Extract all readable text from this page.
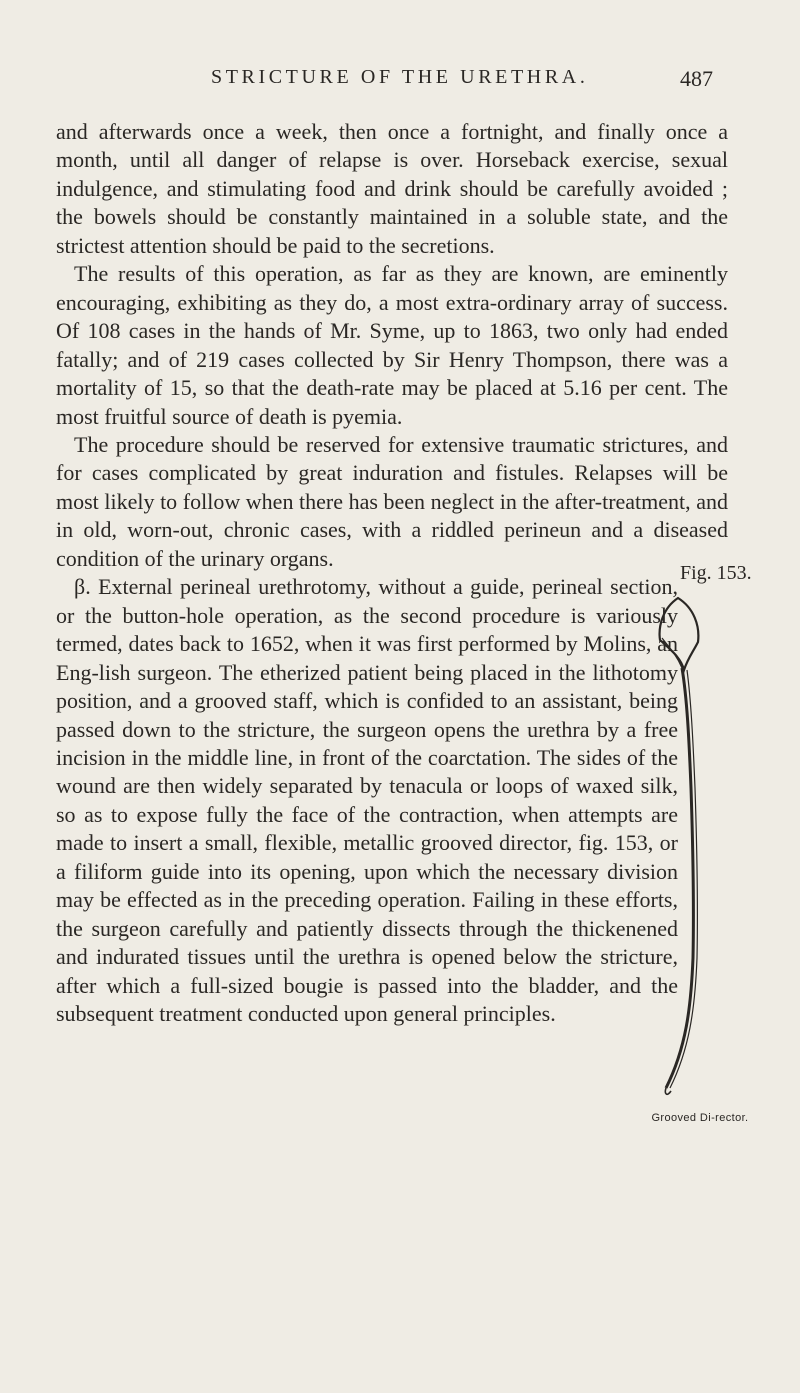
STRICTURE OF THE URETHRA.	487

and afterwards once a week, then once a fortnight, and finally once a month, until all danger of relapse is over. Horseback exercise, sexual indulgence, and stimulating food and drink should be carefully avoided ; the bowels should be constantly maintained in a soluble state, and the strictest attention should be paid to the secretions.

The results of this operation, as far as they are known, are eminently encouraging, exhibiting as they do, a most extra-ordinary array of success. Of 108 cases in the hands of Mr. Syme, up to 1863, two only had ended fatally; and of 219 cases collected by Sir Henry Thompson, there was a mortality of 15, so that the death-rate may be placed at 5.16 per cent. The most fruitful source of death is pyemia.

The procedure should be reserved for extensive traumatic strictures, and for cases complicated by great induration and fistules. Relapses will be most likely to follow when there has been neglect in the after-treatment, and in old, worn-out, chronic cases, with a riddled perineun and a diseased condition of the urinary organs.

β. External perineal urethrotomy, without a guide, perineal section, or the button-hole operation, as the second procedure is variously termed, dates back to 1652, when it was first performed by Molins, an Eng-lish surgeon. The etherized patient being placed in the lithotomy position, and a grooved staff, which is confided to an assistant, being passed down to the stricture, the surgeon opens the urethra by a free incision in the middle line, in front of the coarctation. The sides of the wound are then widely separated by tenacula or loops of waxed silk, so as to expose fully the face of the contraction, when attempts are made to insert a small, flexible, metallic grooved director, fig. 153, or a filiform guide into its opening, upon which the necessary division may be effected as in the preceding operation. Failing in these efforts, the surgeon carefully and patiently dissects through the thickenened and indurated tissues until the urethra is opened below the stricture, after which a full-sized bougie is passed into the bladder, and the subsequent treatment conducted upon general principles.

Fig. 153.
Grooved Di-rector.
